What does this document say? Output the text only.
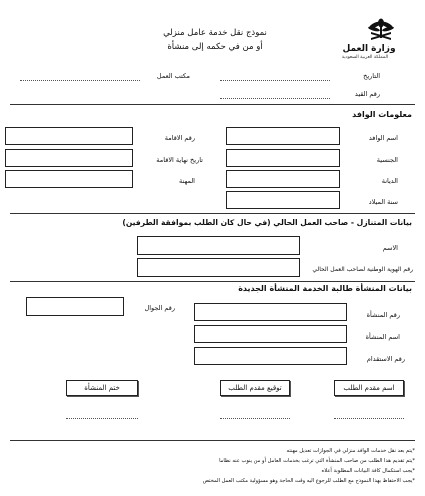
وزارة العمل
المملكة العربية السعودية
نموذج نقل خدمة عامل منزلي
أو من في حكمه إلى منشأة
التاريخ
مكتب العمل
رقم القيد
معلومات الوافد
اسم الوافد
رقم الاقامة
الجنسية
تاريخ نهاية الاقامة
الديانة
المهنة
سنة الميلاد
بيانات المتنازل - صاحب العمل الحالي (في حال كان الطلب بموافقة الطرفين)
الاسم
رقم الهوية الوطنية لصاحب العمل الحالي
بيانات المنشأة طالبة الخدمة المنشأة الجديدة
رقم المنشأة
رقم الجوال
اسم المنشأة
رقم الاستقدام
اسم مقدم الطلب
توقيع مقدم الطلب
ختم المنشأة
*يتم بعد نقل خدمات الوافد منزلي في الجوازات تعديل مهنته
*يتم تقديم هذا الطلب من صاحب المنشأة التي ترغب بخدمات العامل أو من ينوب عنه نظاما
*يجب استكمال كافة البيانات المطلوبة أعلاه
*يجب الاحتفاظ بهذا النموذج مع الطلب للرجوع اليه وقت الحاجة وهو مسؤولية مكتب العمل المختص
